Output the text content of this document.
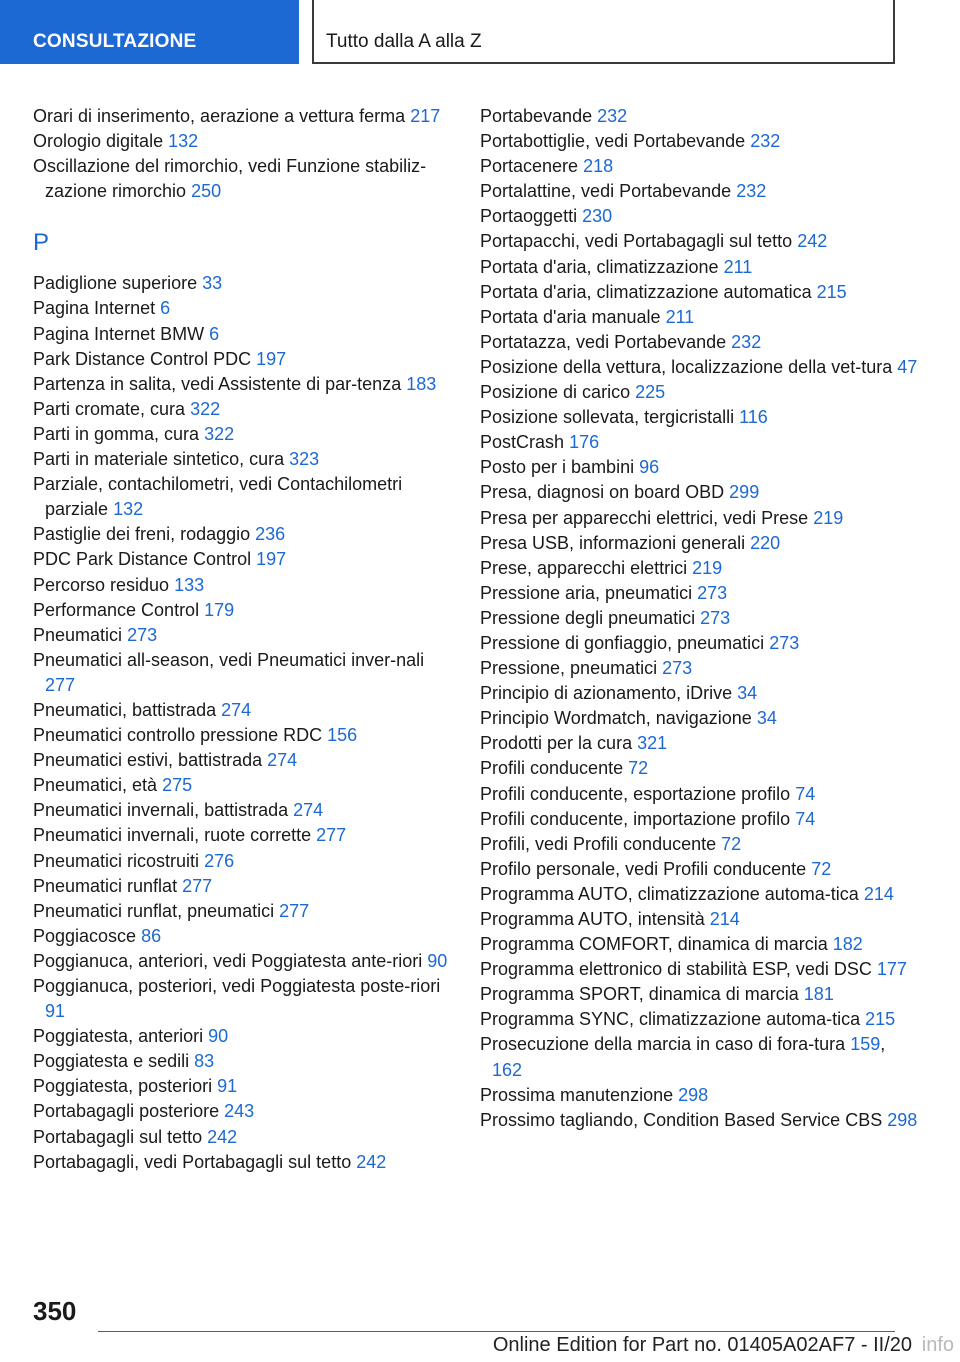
CONSULTAZIONE	Tutto dalla A alla Z
Orari di inserimento, aerazione a vettura ferma 217
Orologio digitale 132
Oscillazione del rimorchio, vedi Funzione stabiliz-zazione rimorchio 250
P
Padiglione superiore 33
Pagina Internet 6
Pagina Internet BMW 6
Park Distance Control PDC 197
Partenza in salita, vedi Assistente di par-tenza 183
Parti cromate, cura 322
Parti in gomma, cura 322
Parti in materiale sintetico, cura 323
Parziale, contachilometri, vedi Contachilometri parziale 132
Pastiglie dei freni, rodaggio 236
PDC Park Distance Control 197
Percorso residuo 133
Performance Control 179
Pneumatici 273
Pneumatici all-season, vedi Pneumatici inver-nali 277
Pneumatici, battistrada 274
Pneumatici controllo pressione RDC 156
Pneumatici estivi, battistrada 274
Pneumatici, età 275
Pneumatici invernali, battistrada 274
Pneumatici invernali, ruote corrette 277
Pneumatici ricostruiti 276
Pneumatici runflat 277
Pneumatici runflat, pneumatici 277
Poggiacosce 86
Poggianuca, anteriori, vedi Poggiatesta ante-riori 90
Poggianuca, posteriori, vedi Poggiatesta poste-riori 91
Poggiatesta, anteriori 90
Poggiatesta e sedili 83
Poggiatesta, posteriori 91
Portabagagli posteriore 243
Portabagagli sul tetto 242
Portabagagli, vedi Portabagagli sul tetto 242
Portabevande 232
Portabottiglie, vedi Portabevande 232
Portacenere 218
Portalattine, vedi Portabevande 232
Portaoggetti 230
Portapacchi, vedi Portabagagli sul tetto 242
Portata d'aria, climatizzazione 211
Portata d'aria, climatizzazione automatica 215
Portata d'aria manuale 211
Portatazza, vedi Portabevande 232
Posizione della vettura, localizzazione della vet-tura 47
Posizione di carico 225
Posizione sollevata, tergicristalli 116
PostCrash 176
Posto per i bambini 96
Presa, diagnosi on board OBD 299
Presa per apparecchi elettrici, vedi Prese 219
Presa USB, informazioni generali 220
Prese, apparecchi elettrici 219
Pressione aria, pneumatici 273
Pressione degli pneumatici 273
Pressione di gonfiaggio, pneumatici 273
Pressione, pneumatici 273
Principio di azionamento, iDrive 34
Principio Wordmatch, navigazione 34
Prodotti per la cura 321
Profili conducente 72
Profili conducente, esportazione profilo 74
Profili conducente, importazione profilo 74
Profili, vedi Profili conducente 72
Profilo personale, vedi Profili conducente 72
Programma AUTO, climatizzazione automa-tica 214
Programma AUTO, intensità 214
Programma COMFORT, dinamica di marcia 182
Programma elettronico di stabilità ESP, vedi DSC 177
Programma SPORT, dinamica di marcia 181
Programma SYNC, climatizzazione automa-tica 215
Prosecuzione della marcia in caso di fora-tura 159, 162
Prossima manutenzione 298
Prossimo tagliando, Condition Based Service CBS 298
350
Online Edition for Part no. 01405A02AF7 - II/20 info
